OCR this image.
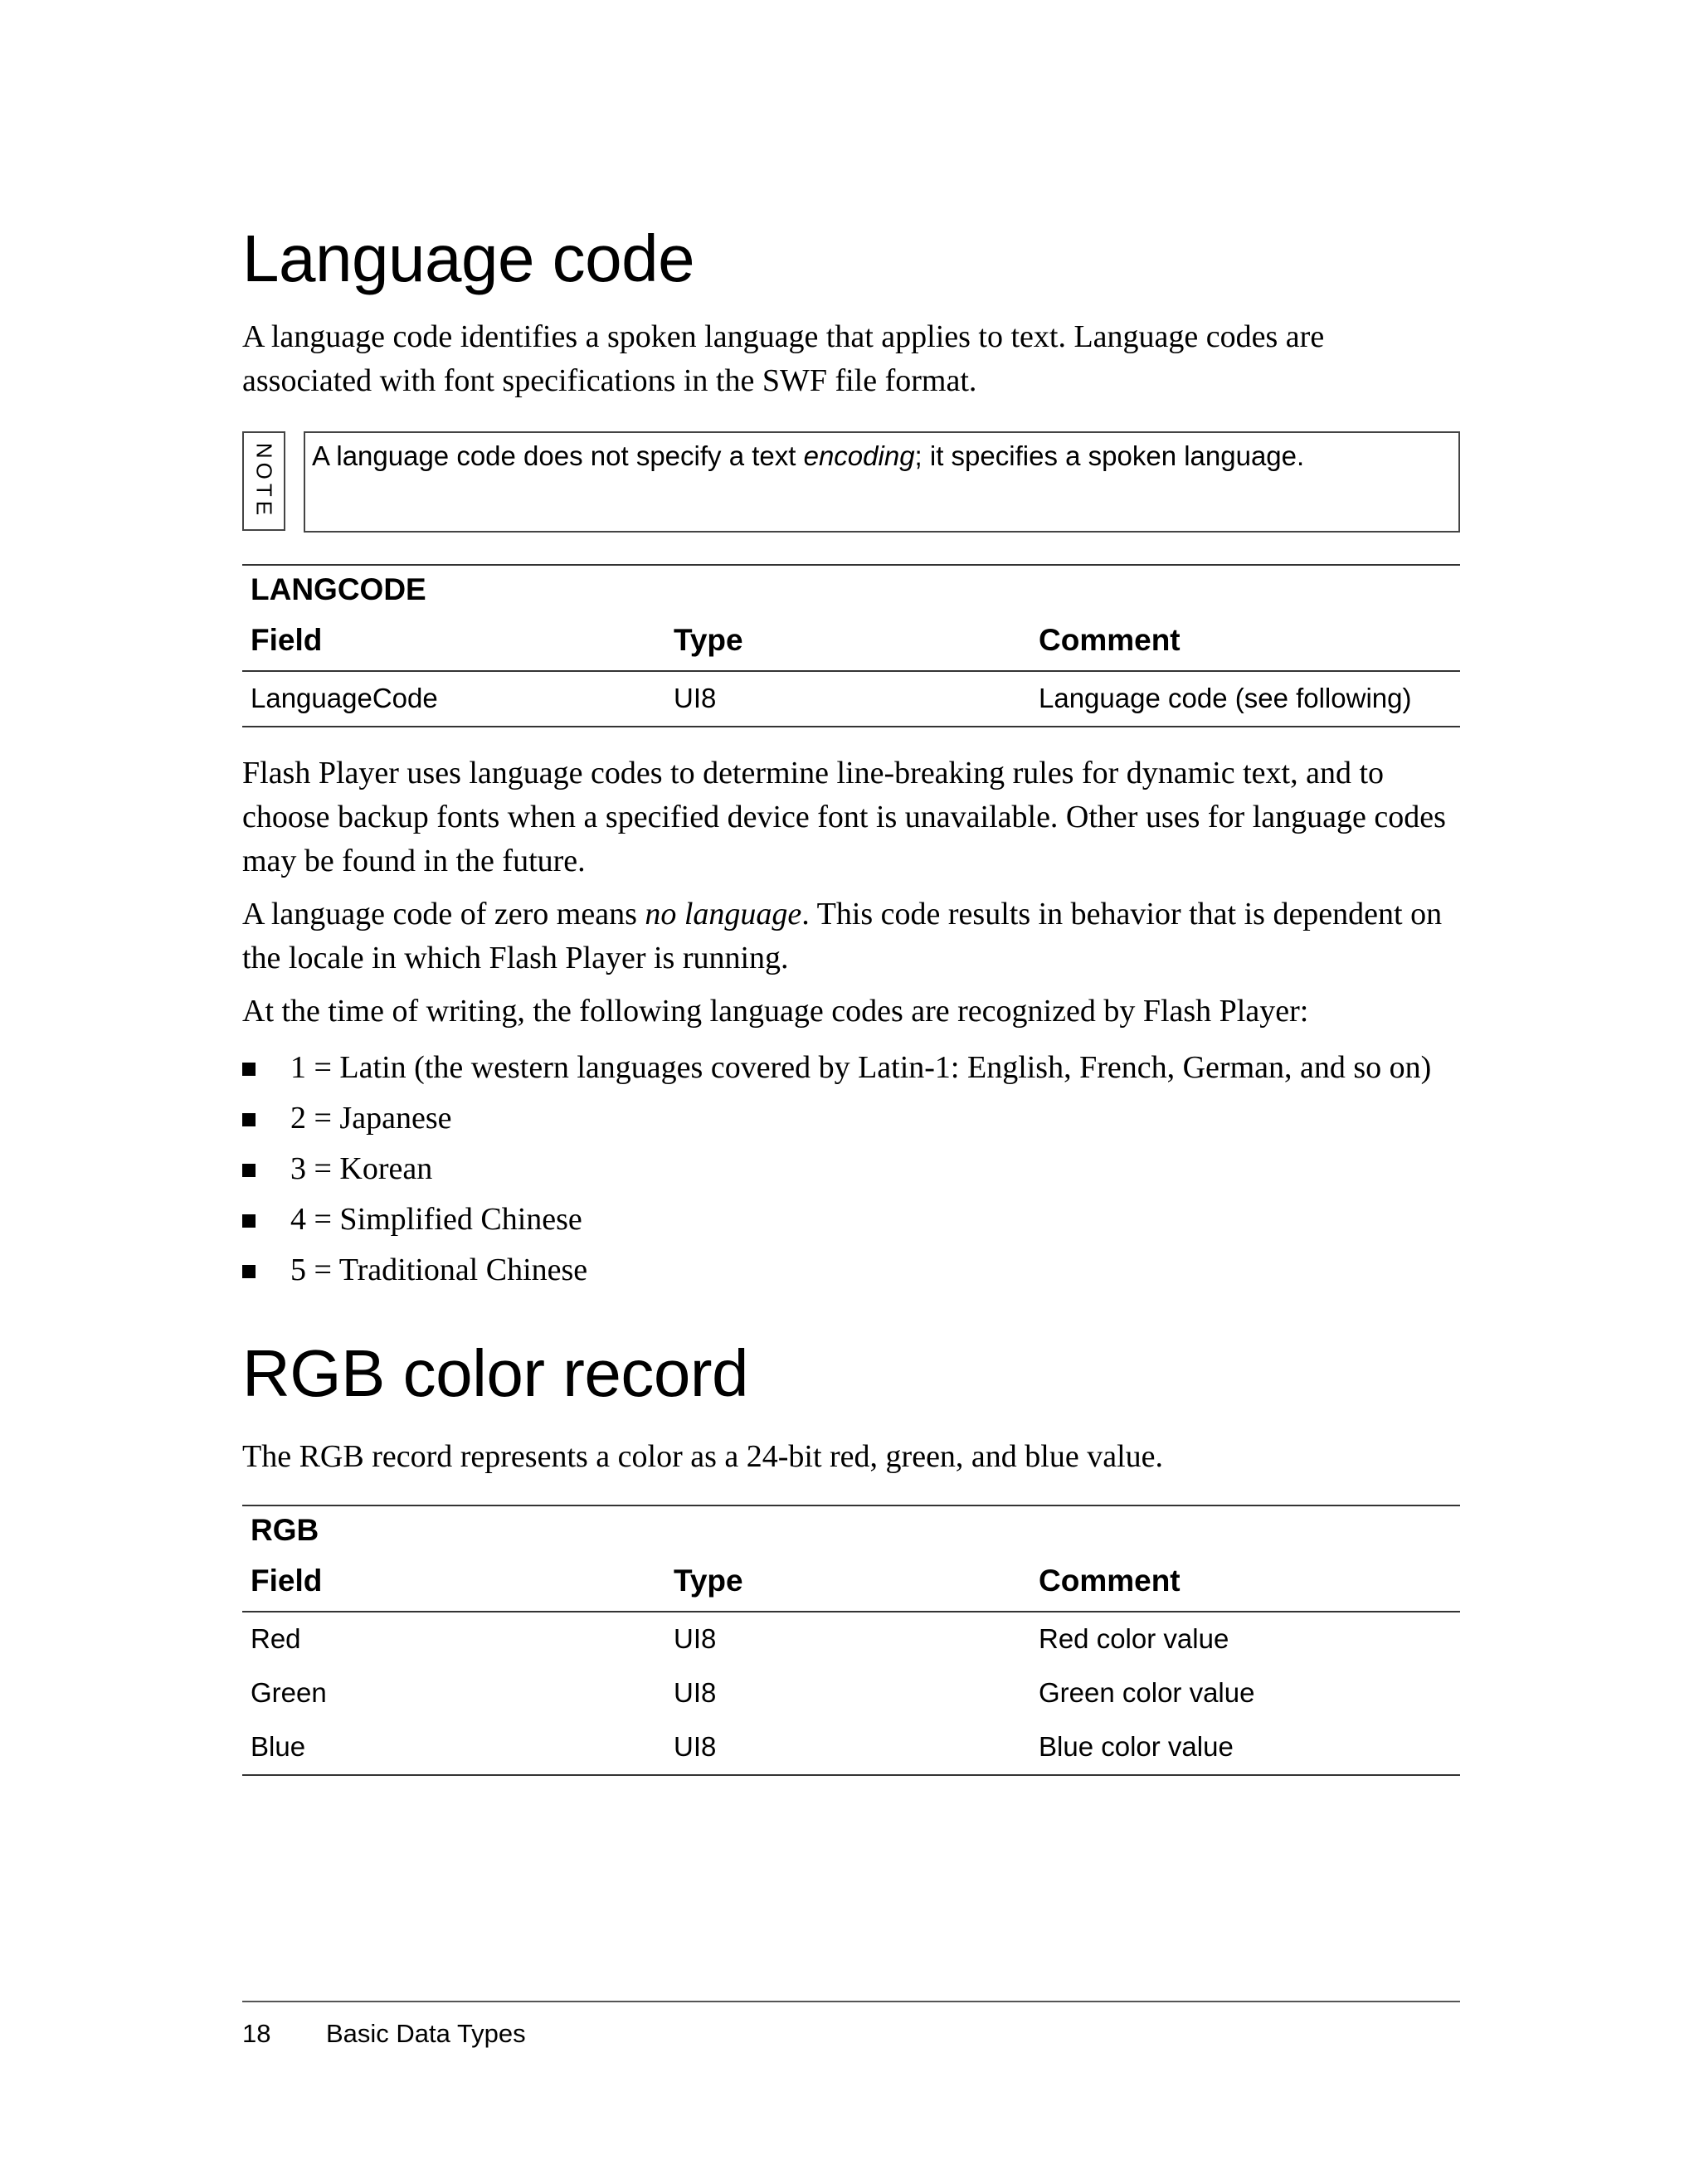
Language code

A language code identifies a spoken language that applies to text. Language codes are
associated with font specifications in the SWF file format.

NOTE	A language code does not specify a text encoding; it specifies a spoken language.
LANGCODE
Field	Type	Comment
LanguageCode	UI8	Language code (see following)

Flash Player uses language codes to determine line-breaking rules for dynamic text, and to
choose backup fonts when a specified device font is unavailable. Other uses for language codes
may be found in the future.

A language code of zero means no language. This code results in behavior that is dependent on
the locale in which Flash Player is running.

At the time of writing, the following language codes are recognized by Flash Player:

1 = Latin (the western languages covered by Latin-1: English, French, German, and so on)
2 = Japanese
3 = Korean
4 = Simplified Chinese
5 = Traditional Chinese
RGB color record

The RGB record represents a color as a 24-bit red, green, and blue value.

RGB
Field	Type	Comment
Red	UI8	Red color value
Green	UI8	Green color value
Blue	UI8	Blue color value
18 Basic Data Types
